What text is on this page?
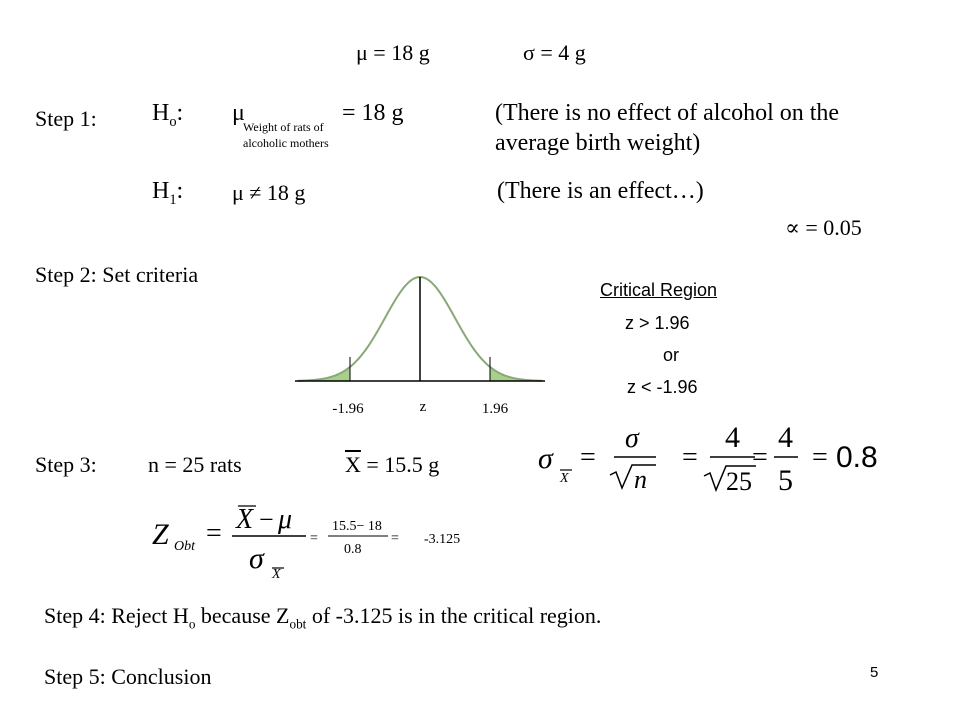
μ = 18 g	σ = 4 g
Step 1: $H_o$: μ
Weight of rats of
alcoholic mothers
= 18 g	(There is no effect of alcohol on the
average birth weight)
$H_1$: μ ≠ 18 g	(There is an effect…)
∝ = 0.05
Step 2: Set criteria
-1.96	z	1.96
Critical Region
z > 1.96
or
z < -1.96
Step 3: n = 25 rats	$\overline{X} = 15.5$ g	σ
X
=
σ
n
=
4
25
=
4
5
= 0.8
Z Obt = X − μ
σ X
=
15.5− 18
0.8
= -3.125
Step 4: Reject $H_o$ because $Z_{obt}$ of -3.125 is in the critical region.
Step 5: Conclusion	5
